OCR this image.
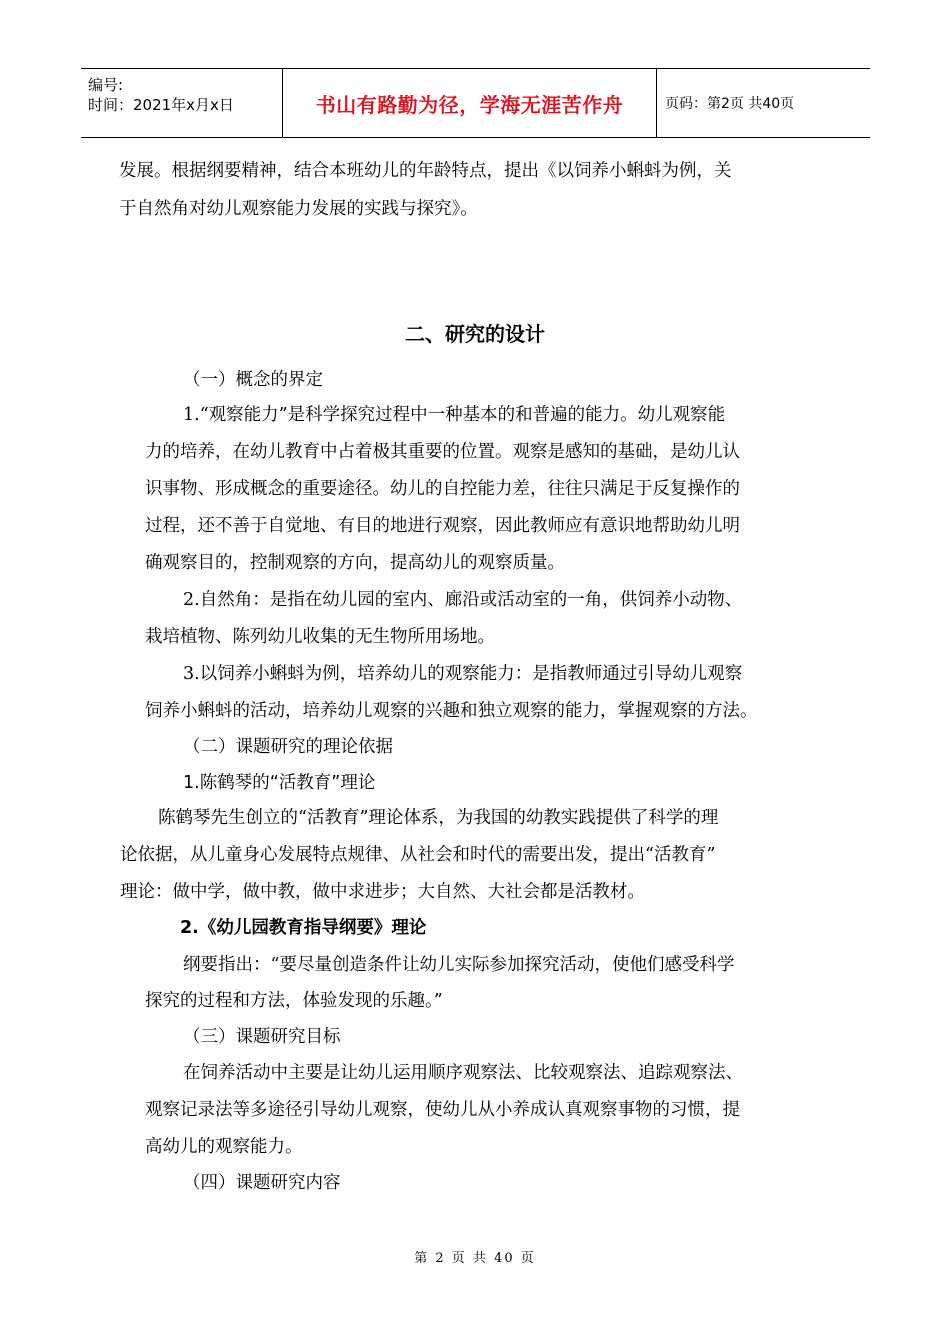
编号:
时间：2021年x月x日	书山有路勤为径，学海无涯苦作舟	页码：第2页 共40页
发展。根据纲要精神，结合本班幼儿的年龄特点，提出《以饲养小蝌蚪为例，关
于自然角对幼儿观察能力发展的实践与探究》。
二、研究的设计
（一）概念的界定
1.“观察能力”是科学探究过程中一种基本的和普遍的能力。幼儿观察能
力的培养，在幼儿教育中占着极其重要的位置。观察是感知的基础，是幼儿认
识事物、形成概念的重要途径。幼儿的自控能力差，往往只满足于反复操作的
过程，还不善于自觉地、有目的地进行观察，因此教师应有意识地帮助幼儿明
确观察目的，控制观察的方向，提高幼儿的观察质量。
2.自然角：是指在幼儿园的室内、廊沿或活动室的一角，供饲养小动物、
栽培植物、陈列幼儿收集的无生物所用场地。
3.以饲养小蝌蚪为例，培养幼儿的观察能力：是指教师通过引导幼儿观察
饲养小蝌蚪的活动，培养幼儿观察的兴趣和独立观察的能力，掌握观察的方法。
（二）课题研究的理论依据
1.陈鹤琴的“活教育”理论
陈鹤琴先生创立的“活教育”理论体系，为我国的幼教实践提供了科学的理
论依据，从儿童身心发展特点规律、从社会和时代的需要出发，提出“活教育”
理论：做中学，做中教，做中求进步；大自然、大社会都是活教材。
2.《幼儿园教育指导纲要》理论
纲要指出：“要尽量创造条件让幼儿实际参加探究活动，使他们感受科学
探究的过程和方法，体验发现的乐趣。”
（三）课题研究目标
在饲养活动中主要是让幼儿运用顺序观察法、比较观察法、追踪观察法、
观察记录法等多途径引导幼儿观察，使幼儿从小养成认真观察事物的习惯，提
高幼儿的观察能力。
（四）课题研究内容
第 2 页 共 40 页
